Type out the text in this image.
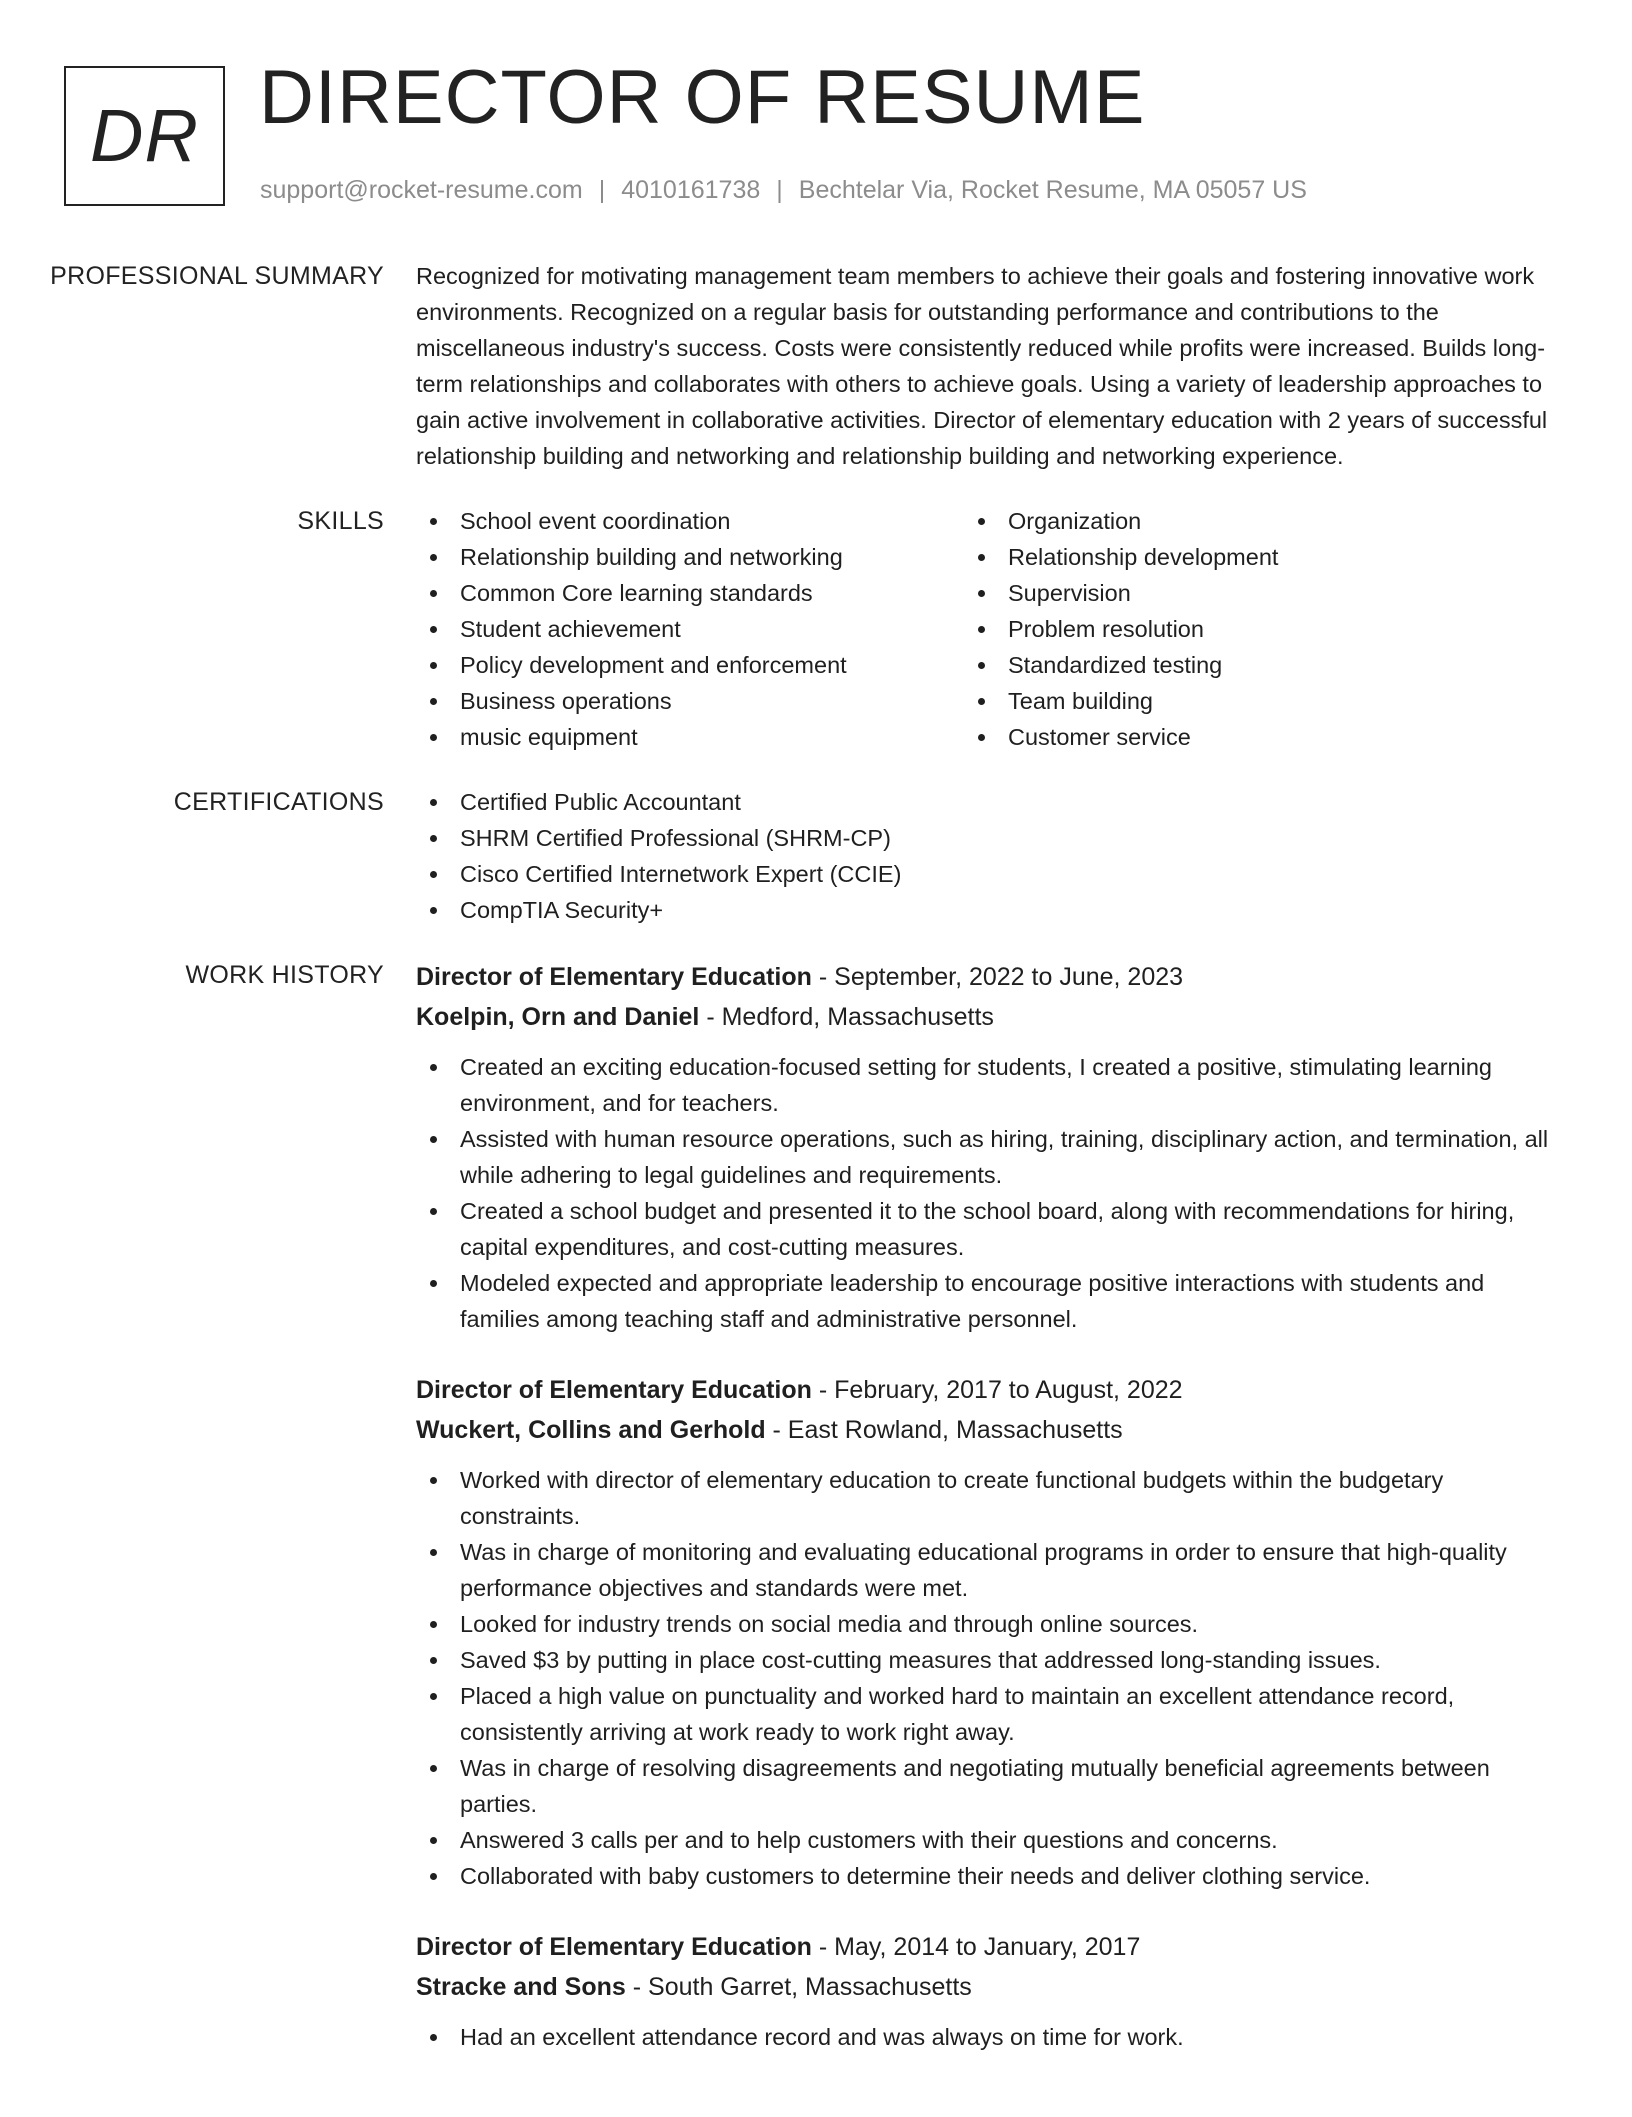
DR DIRECTOR OF RESUME
support@rocket-resume.com | 4010161738 | Bechtelar Via, Rocket Resume, MA 05057 US
PROFESSIONAL SUMMARY	Recognized for motivating management team members to achieve their goals and fostering innovative work environments. Recognized on a regular basis for outstanding performance and contributions to the miscellaneous industry's success. Costs were consistently reduced while profits were increased. Builds long-term relationships and collaborates with others to achieve goals. Using a variety of leadership approaches to gain active involvement in collaborative activities. Director of elementary education with 2 years of successful relationship building and networking and relationship building and networking experience.

SKILLS	School event coordination
Relationship building and networking
Common Core learning standards
Student achievement
Policy development and enforcement
Business operations
music equipment
Organization
Relationship development
Supervision
Problem resolution
Standardized testing
Team building
Customer service
CERTIFICATIONS	Certified Public Accountant
SHRM Certified Professional (SHRM-CP)
Cisco Certified Internetwork Expert (CCIE)
CompTIA Security+
WORK HISTORY	Director of Elementary Education - September, 2022 to June, 2023
Koelpin, Orn and Daniel - Medford, Massachusetts
Created an exciting education-focused setting for students, I created a positive, stimulating learning environment, and for teachers.
Assisted with human resource operations, such as hiring, training, disciplinary action, and termination, all while adhering to legal guidelines and requirements.
Created a school budget and presented it to the school board, along with recommendations for hiring, capital expenditures, and cost-cutting measures.
Modeled expected and appropriate leadership to encourage positive interactions with students and families among teaching staff and administrative personnel.
Director of Elementary Education - February, 2017 to August, 2022
Wuckert, Collins and Gerhold - East Rowland, Massachusetts
Worked with director of elementary education to create functional budgets within the budgetary constraints.
Was in charge of monitoring and evaluating educational programs in order to ensure that high-quality performance objectives and standards were met.
Looked for industry trends on social media and through online sources.
Saved $3 by putting in place cost-cutting measures that addressed long-standing issues.
Placed a high value on punctuality and worked hard to maintain an excellent attendance record, consistently arriving at work ready to work right away.
Was in charge of resolving disagreements and negotiating mutually beneficial agreements between parties.
Answered 3 calls per and to help customers with their questions and concerns.
Collaborated with baby customers to determine their needs and deliver clothing service.
Director of Elementary Education - May, 2014 to January, 2017
Stracke and Sons - South Garret, Massachusetts
Had an excellent attendance record and was always on time for work.
